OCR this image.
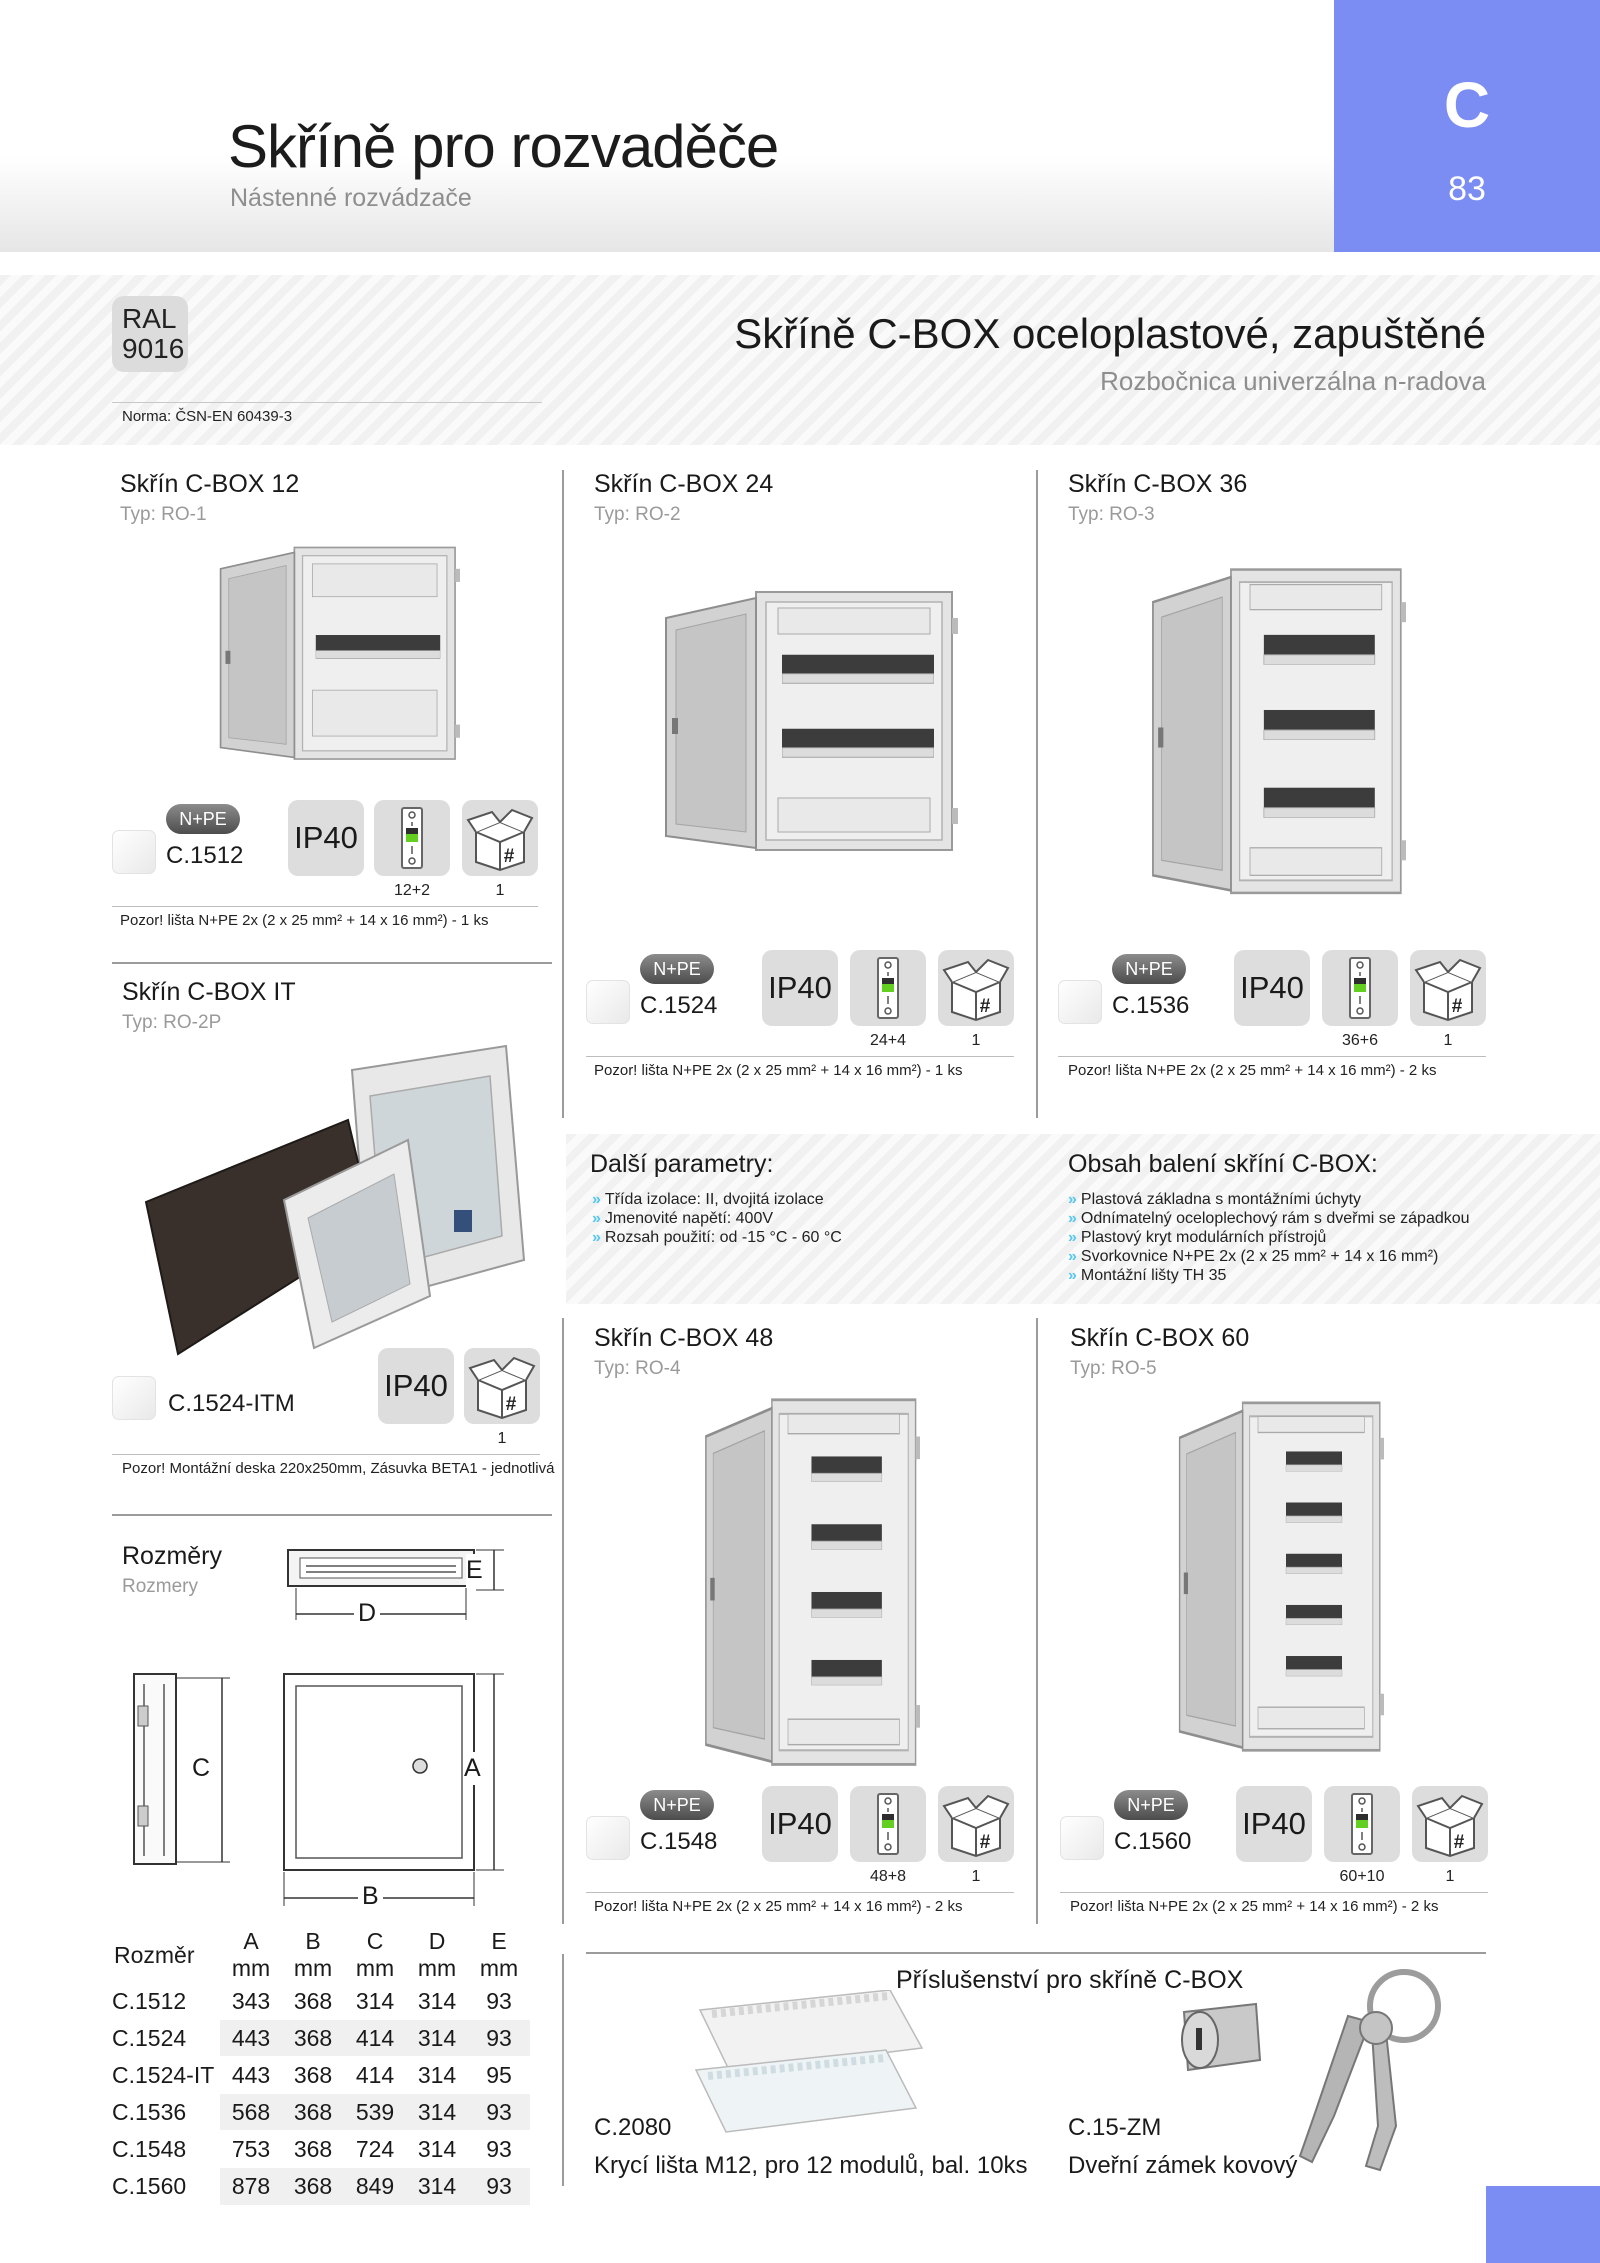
Skříně pro rozvaděče
Nástenné rozvádzače
C
83
RAL
9016
Norma: ČSN-EN 60439-3
Skříně C-BOX oceloplastové, zapuštěné
Rozbočnica univerzálna n-radova
Skřín C-BOX 12
Typ: RO-1
N+PE
C.1512
IP40
12+2	1
Pozor! lišta N+PE 2x (2 x 25 mm² + 14 x 16 mm²) - 1 ks
Skřín C-BOX 24
Typ: RO-2
N+PE
C.1524
IP40
24+4	1
Pozor! lišta N+PE 2x (2 x 25 mm² + 14 x 16 mm²) - 1 ks
Skřín C-BOX 36
Typ: RO-3
N+PE
C.1536
IP40
36+6	1
Pozor! lišta N+PE 2x (2 x 25 mm² + 14 x 16 mm²) - 2 ks
Skřín C-BOX IT
Typ: RO-2P
C.1524-ITM
IP40
1
Pozor! Montážní deska 220x250mm, Zásuvka BETA1 - jednotlivá
Další parametry:
» Třída izolace: II, dvojitá izolace
» Jmenovité napětí: 400V
» Rozsah použití: od -15 °C - 60 °C
Obsah balení skříní C-BOX:
» Plastová základna s montážními úchyty
» Odnímatelný oceloplechový rám s dveřmi se západkou
» Plastový kryt modulárních přístrojů
» Svorkovnice N+PE 2x (2 x 25 mm² + 14 x 16 mm²)
» Montážní lišty TH 35
Skřín C-BOX 48
Typ: RO-4
N+PE
C.1548
IP40
48+8	1
Pozor! lišta N+PE 2x (2 x 25 mm² + 14 x 16 mm²) - 2 ks
Skřín C-BOX 60
Typ: RO-5
N+PE
C.1560
IP40
60+10	1
Pozor! lišta N+PE 2x (2 x 25 mm² + 14 x 16 mm²) - 2 ks
Rozměry
Rozmery
D
E
C	A
B
Rozměr	A mm	B mm	C mm	D mm	E mm
C.1512	343	368	314	314	93
C.1524	443	368	414	314	93
C.1524-IT	443	368	414	314	95
C.1536	568	368	539	314	93
C.1548	753	368	724	314	93
C.1560	878	368	849	314	93
Příslušenství pro skříně C-BOX
C.2080
Krycí lišta M12, pro 12 modulů, bal. 10ks
C.15-ZM
Dveřní zámek kovový
